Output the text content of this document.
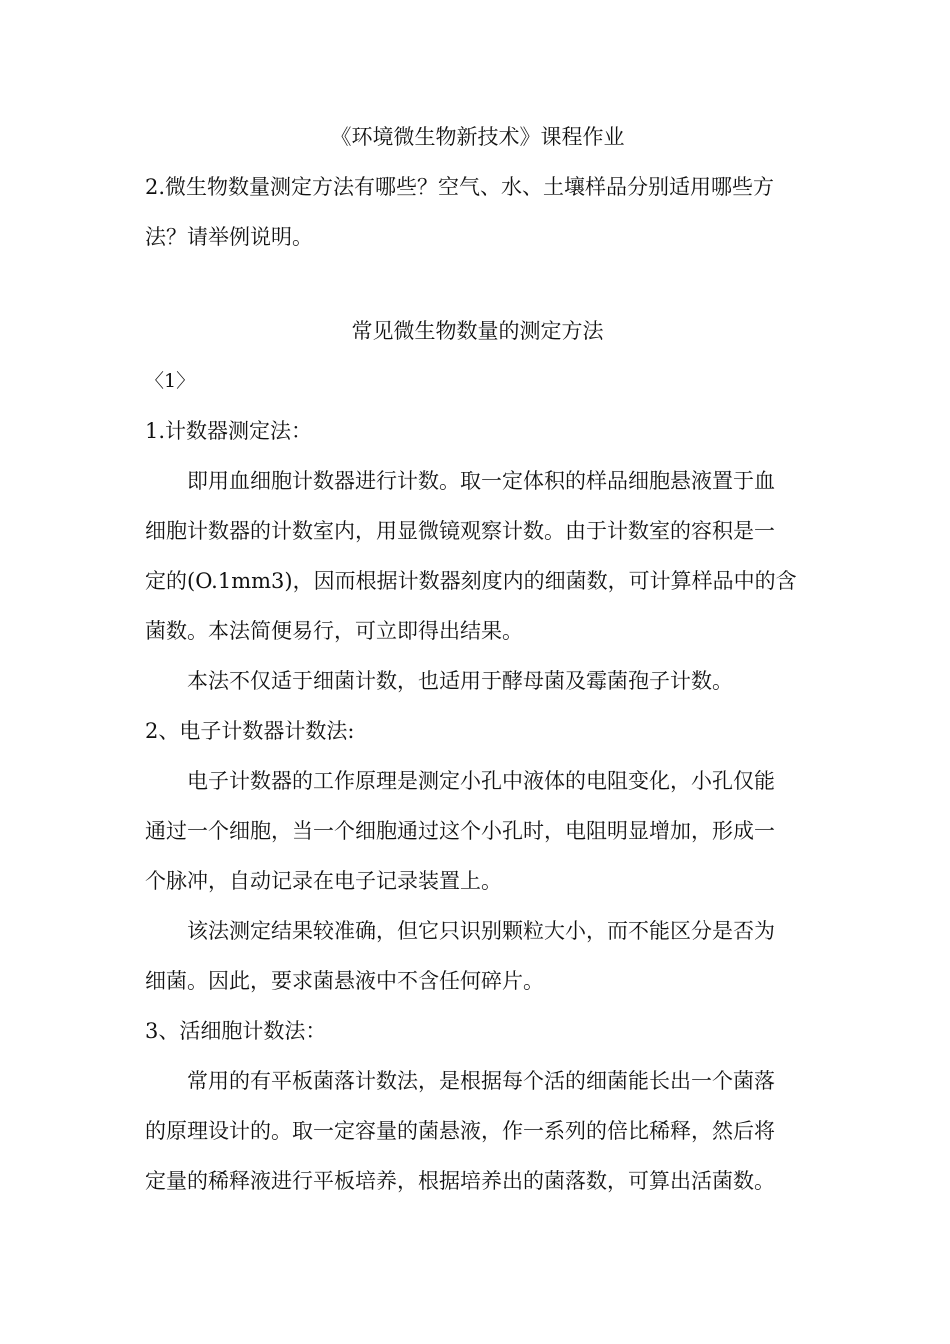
《环境微生物新技术》课程作业
2.微生物数量测定方法有哪些？空气、水、土壤样品分别适用哪些方
法？请举例说明。
常见微生物数量的测定方法
〈1〉
1.计数器测定法：
即用血细胞计数器进行计数。取一定体积的样品细胞悬液置于血
细胞计数器的计数室内，用显微镜观察计数。由于计数室的容积是一
定的(O.1mm3)，因而根据计数器刻度内的细菌数，可计算样品中的含
菌数。本法简便易行，可立即得出结果。
本法不仅适于细菌计数，也适用于酵母菌及霉菌孢子计数。
2、电子计数器计数法:
电子计数器的工作原理是测定小孔中液体的电阻变化，小孔仅能
通过一个细胞，当一个细胞通过这个小孔时，电阻明显增加，形成一
个脉冲，自动记录在电子记录装置上。
该法测定结果较准确，但它只识别颗粒大小，而不能区分是否为
细菌。因此，要求菌悬液中不含任何碎片。
3、活细胞计数法：
常用的有平板菌落计数法，是根据每个活的细菌能长出一个菌落
的原理设计的。取一定容量的菌悬液，作一系列的倍比稀释，然后将
定量的稀释液进行平板培养，根据培养出的菌落数，可算出活菌数。
